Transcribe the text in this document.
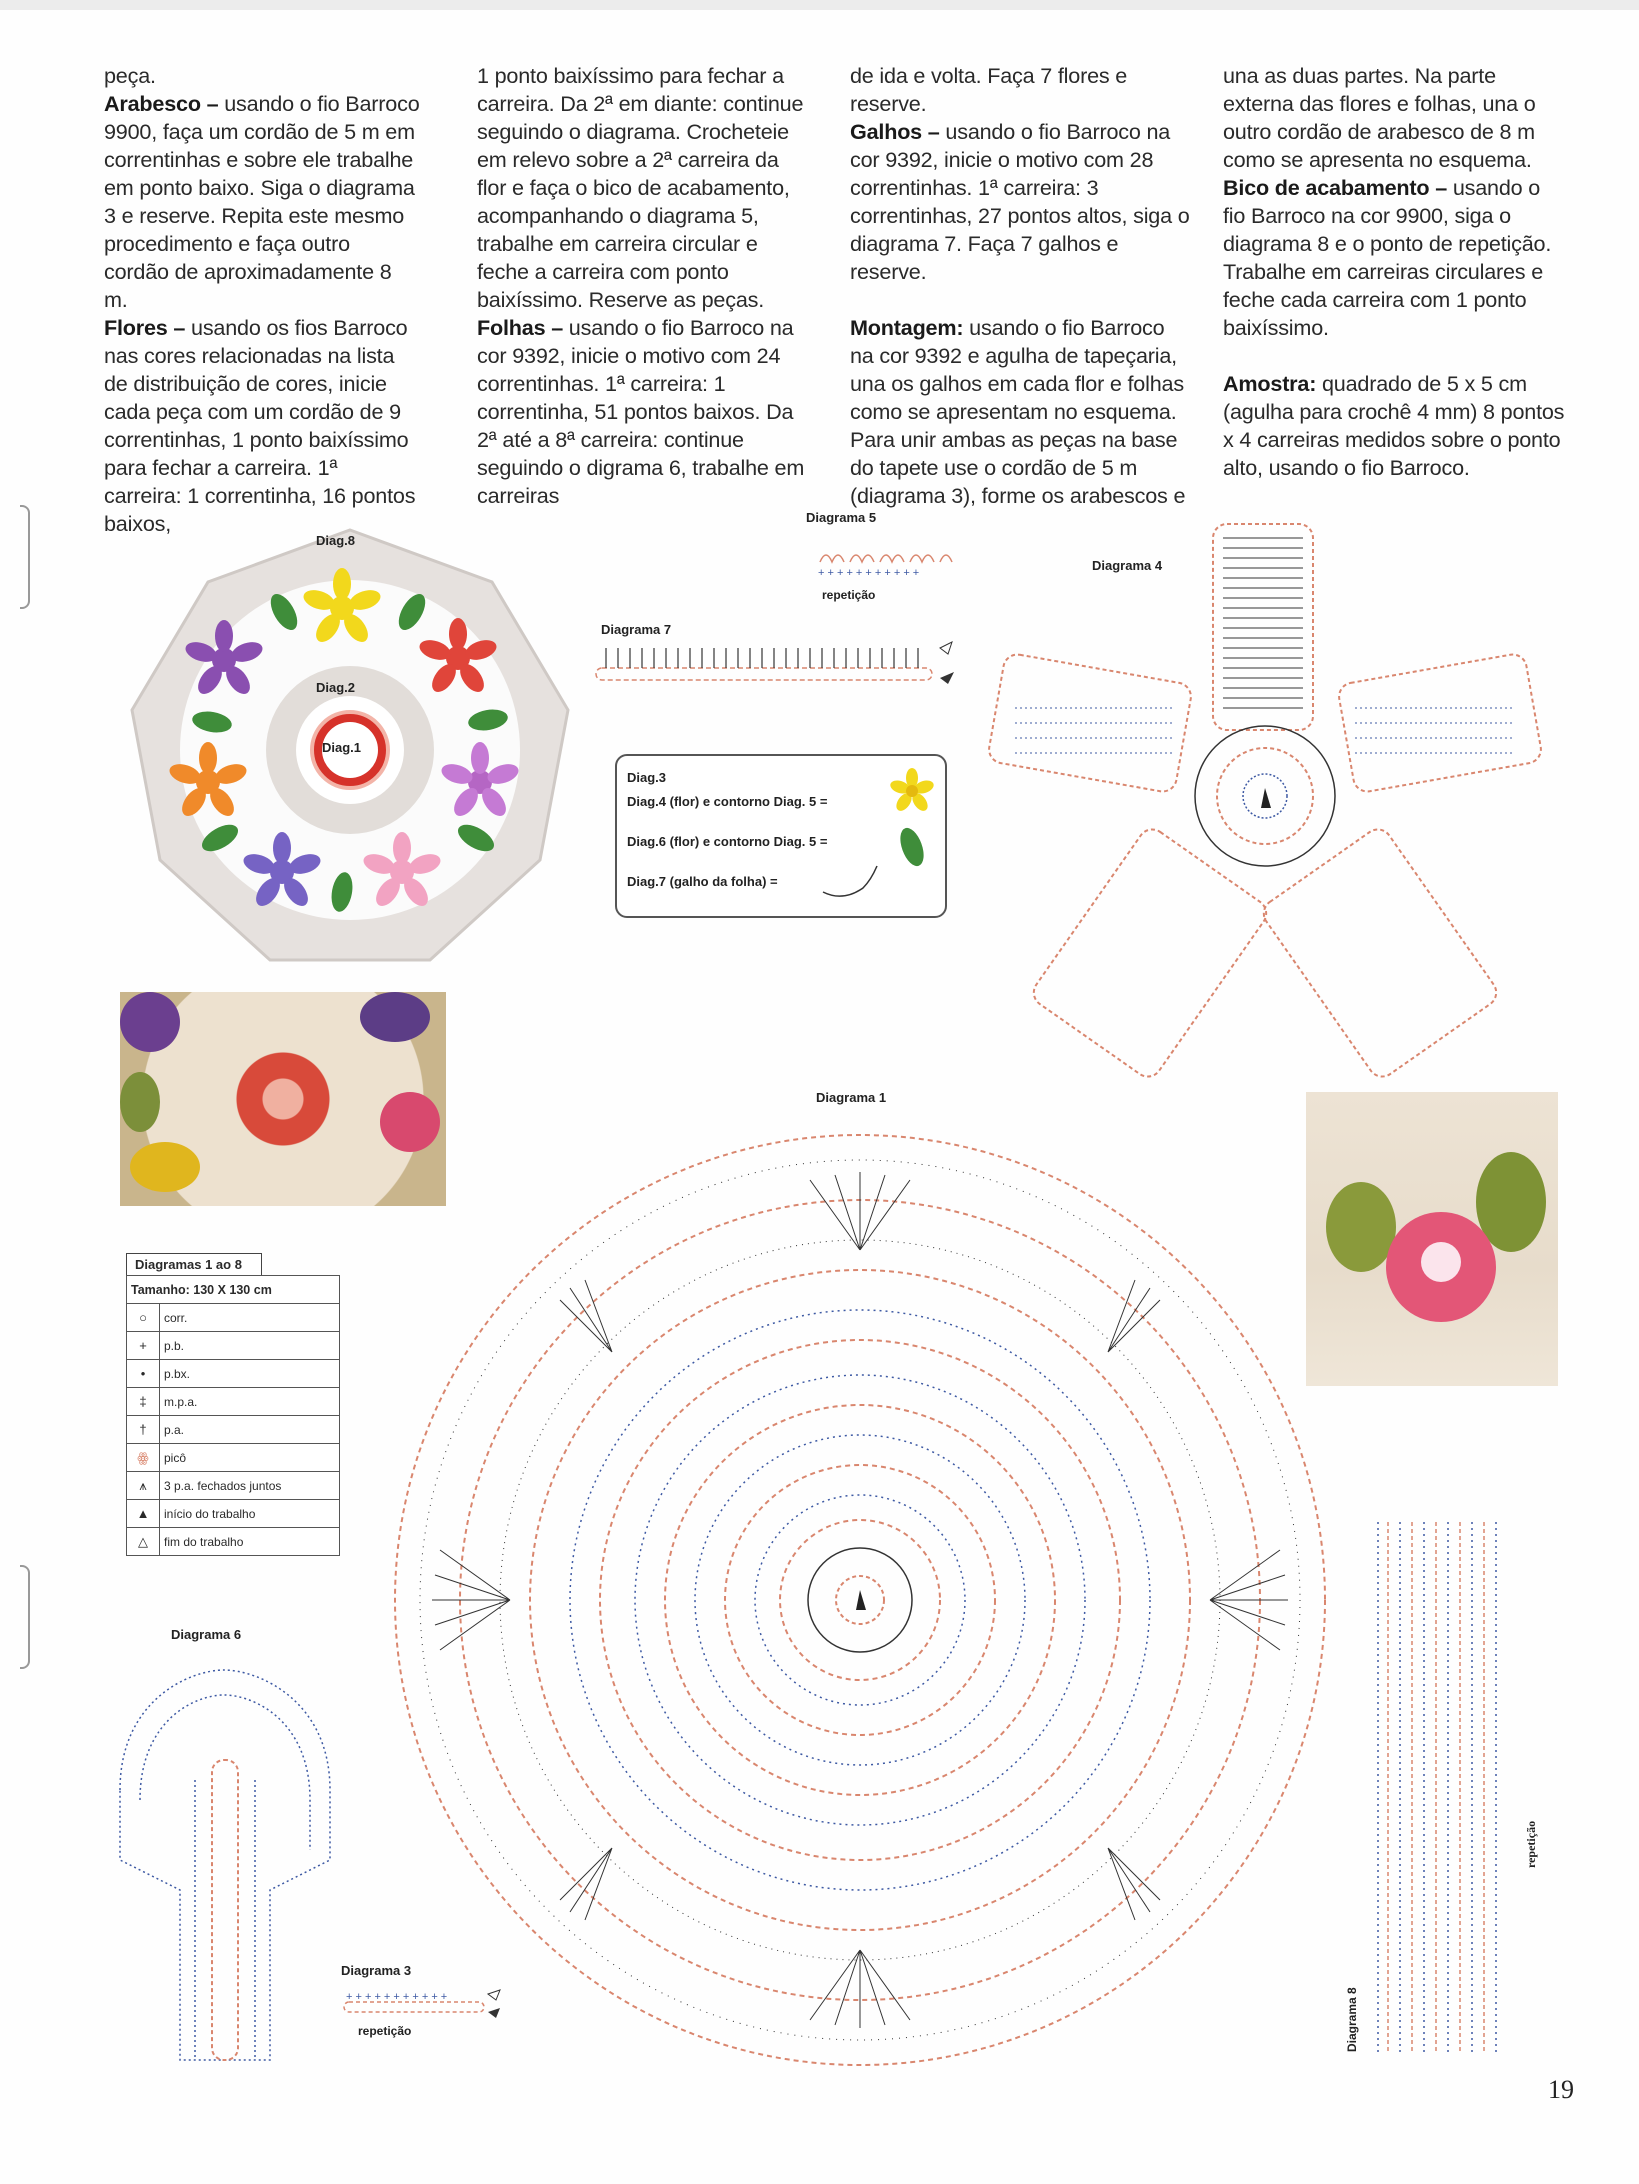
peça.

Arabesco – usando o fio Barroco 9900, faça um cordão de 5 m em correntinhas e sobre ele trabalhe em ponto baixo. Siga o diagrama 3 e reserve. Repita este mesmo procedimento e faça outro cordão de aproximadamente 8 m.

Flores – usando os fios Barroco nas cores relacionadas na lista de distribuição de cores, inicie cada peça com um cordão de 9 correntinhas, 1 ponto baixíssimo para fechar a carreira. 1ª carreira: 1 correntinha, 16 pontos baixos,

1 ponto baixíssimo para fechar a carreira. Da 2ª em diante: continue seguindo o diagrama. Crocheteie em relevo sobre a 2ª carreira da flor e faça o bico de acabamento, acompanhando o diagrama 5, trabalhe em carreira circular e feche a carreira com ponto baixíssimo. Reserve as peças.

Folhas – usando o fio Barroco na cor 9392, inicie o motivo com 24 correntinhas. 1ª carreira: 1 correntinha, 51 pontos baixos. Da 2ª até a 8ª carreira: continue seguindo o digrama 6, trabalhe em carreiras

de ida e volta. Faça 7 flores e reserve.

Galhos – usando o fio Barroco na cor 9392, inicie o motivo com 28 correntinhas. 1ª carreira: 3 correntinhas, 27 pontos altos, siga o diagrama 7. Faça 7 galhos e reserve.

Montagem: usando o fio Barroco na cor 9392 e agulha de tapeçaria, una os galhos em cada flor e folhas como se apresentam no esquema. Para unir ambas as peças na base do tapete use o cordão de 5 m (diagrama 3), forme os arabescos e

una as duas partes. Na parte externa das flores e folhas, una o outro cordão de arabesco de 8 m como se apresenta no esquema.

Bico de acabamento – usando o fio Barroco na cor 9900, siga o diagrama 8 e o ponto de repetição. Trabalhe em carreiras circulares e feche cada carreira com 1 ponto baixíssimo.

Amostra: quadrado de 5 x 5 cm (agulha para crochê 4 mm) 8 pontos x 4 carreiras medidos sobre o ponto alto, usando o fio Barroco.

Diag.8
Diag.2
Diag.1
Diagrama 5
+ + + + + + + + + + +
repetição
Diagrama 7
Diag.3
Diag.4 (flor) e contorno Diag. 5 =
Diag.6 (flor) e contorno Diag. 5 =
Diag.7 (galho da folha) =
Diagrama 4
Diagrama 1
Diagramas 1 ao 8
Tamanho: 130 X 130 cm	
○	corr.
+	p.b.
•	p.bx.
‡	m.p.a.
†	p.a.
ꙮ	picô
⩚	3 p.a. fechados juntos
▲	início do trabalho
△	fim do trabalho
Diagrama 6
Diagrama 3
+ + + + + + + + + + +
repetição	Diagrama 8
repetição
19
